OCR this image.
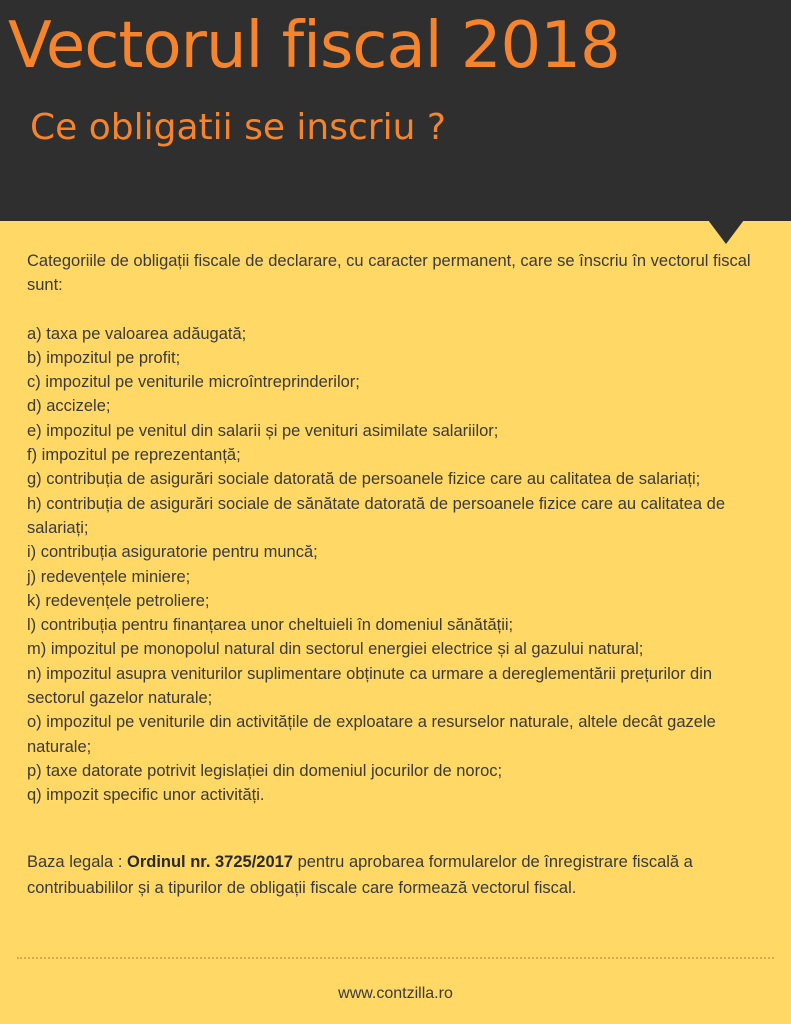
Vectorul fiscal 2018
Ce obligatii se inscriu ?

Categoriile de obligații fiscale de declarare, cu caracter permanent, care se înscriu în vectorul fiscal sunt:

a) taxa pe valoarea adăugată;
b) impozitul pe profit;
c) impozitul pe veniturile microîntreprinderilor;
d) accizele;
e) impozitul pe venitul din salarii și pe venituri asimilate salariilor;
f) impozitul pe reprezentanță;
g) contribuția de asigurări sociale datorată de persoanele fizice care au calitatea de salariați;
h) contribuția de asigurări sociale de sănătate datorată de persoanele fizice care au calitatea de salariați;
i) contribuția asiguratorie pentru muncă;
j) redevențele miniere;
k) redevențele petroliere;
l) contribuția pentru finanțarea unor cheltuieli în domeniul sănătății;
m) impozitul pe monopolul natural din sectorul energiei electrice și al gazului natural;
n) impozitul asupra veniturilor suplimentare obținute ca urmare a dereglementării prețurilor din sectorul gazelor naturale;
o) impozitul pe veniturile din activitățile de exploatare a resurselor naturale, altele decât gazele naturale;
p) taxe datorate potrivit legislației din domeniul jocurilor de noroc;
q) impozit specific unor activități.

Baza legala : Ordinul nr. 3725/2017 pentru aprobarea formularelor de înregistrare fiscală a contribuabililor și a tipurilor de obligații fiscale care formează vectorul fiscal.

www.contzilla.ro
